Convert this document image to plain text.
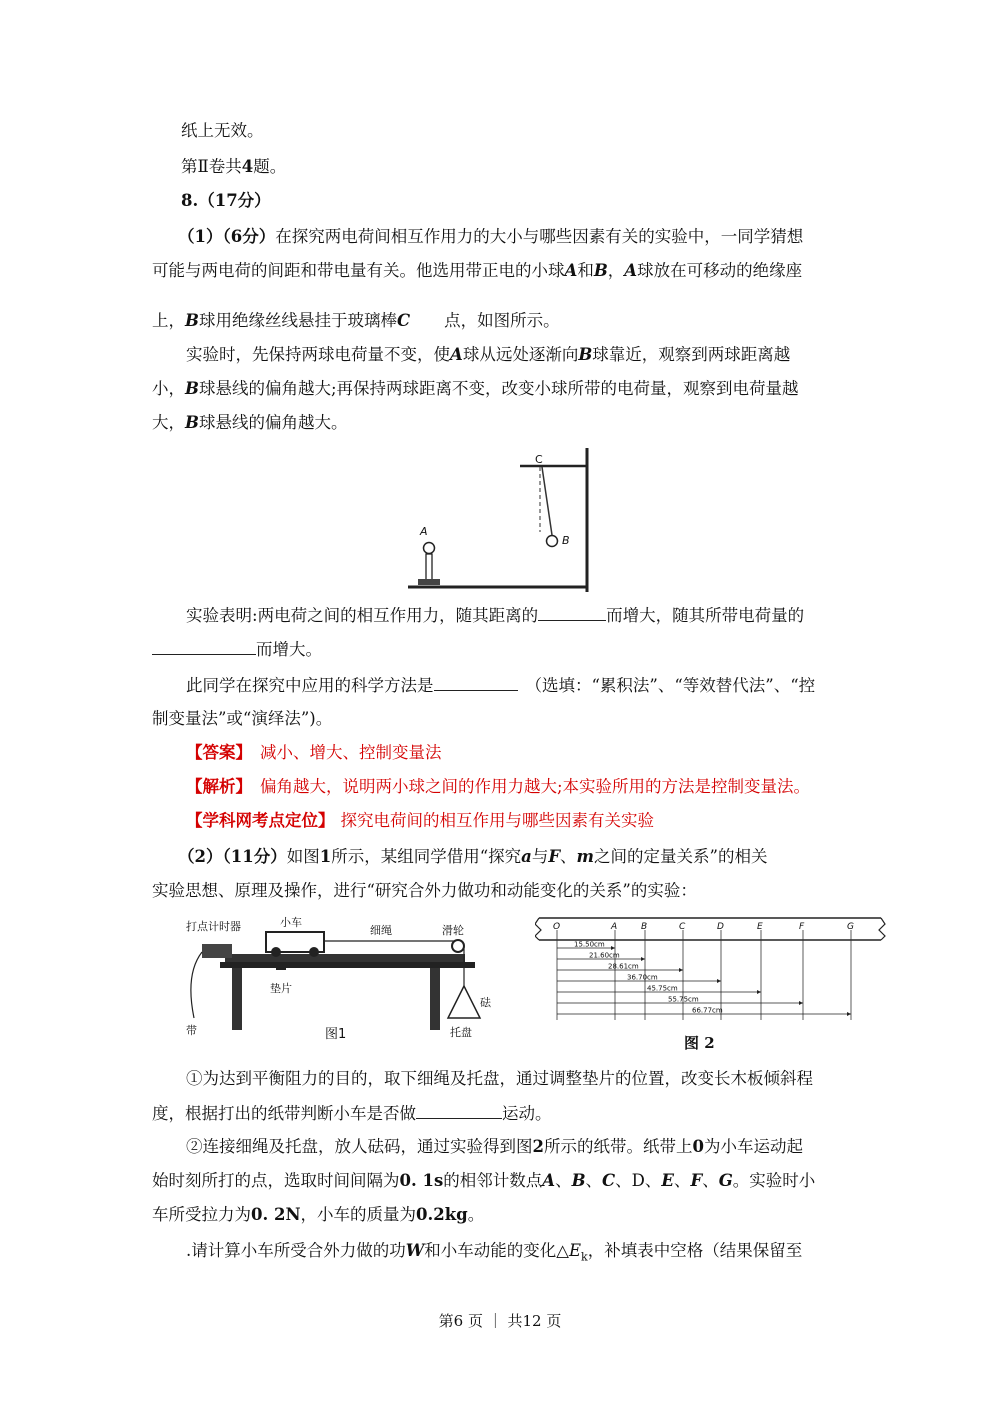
纸上无效。
第Ⅱ卷共4题。
8.（17分）
（1）（6分）在探究两电荷间相互作用力的大小与哪些因素有关的实验中，一同学猜想
可能与两电荷的间距和带电量有关。他选用带正电的小球A和B，A球放在可移动的绝缘座
上，B球用绝缘丝线悬挂于玻璃棒C 点，如图所示。
实验时，先保持两球电荷量不变，使A球从远处逐渐向B球靠近，观察到两球距离越
小，B球悬线的偏角越大;再保持两球距离不变，改变小球所带的电荷量，观察到电荷量越
大，B球悬线的偏角越大。
A
B
C
实验表明:两电荷之间的相互作用力，随其距离的	而增大，随其所带电荷量的
而增大。
此同学在探究中应用的科学方法是	（选填：“累积法”、“等效替代法”、“控
制变量法”或“演绎法”)。
【答案】 减小、增大、控制变量法
【解析】 偏角越大，说明两小球之间的作用力越大;本实验所用的方法是控制变量法。
【学科网考点定位】 探究电荷间的相互作用与哪些因素有关实验
（2）（11分）如图1所示，某组同学借用“探究a与F、m之间的定量关系”的相关
实验思想、原理及操作，进行“研究合外力做功和动能变化的关系”的实验：
打点计时器	小车
细绳	滑轮
垫片
带	托盘
砝
图1
O	A	B	C	D	E	F	G
15.50cm
21.60cm
28.61cm
36.70cm
45.75cm
55.75cm
66.77cm
图 2
①为达到平衡阻力的目的，取下细绳及托盘，通过调整垫片的位置，改变长木板倾斜程
度，根据打出的纸带判断小车是否做	运动。
②连接细绳及托盘，放人砝码，通过实验得到图2所示的纸带。纸带上0为小车运动起
始时刻所打的点，选取时间间隔为0. 1s的相邻计数点A、B、C、D、E、F、G。实验时小
车所受拉力为0. 2N，小车的质量为0.2kg。
.请计算小车所受合外力做的功W和小车动能的变化$\triangle E_k$，补填表中空格（结果保留至
第6 页 ｜ 共12 页
